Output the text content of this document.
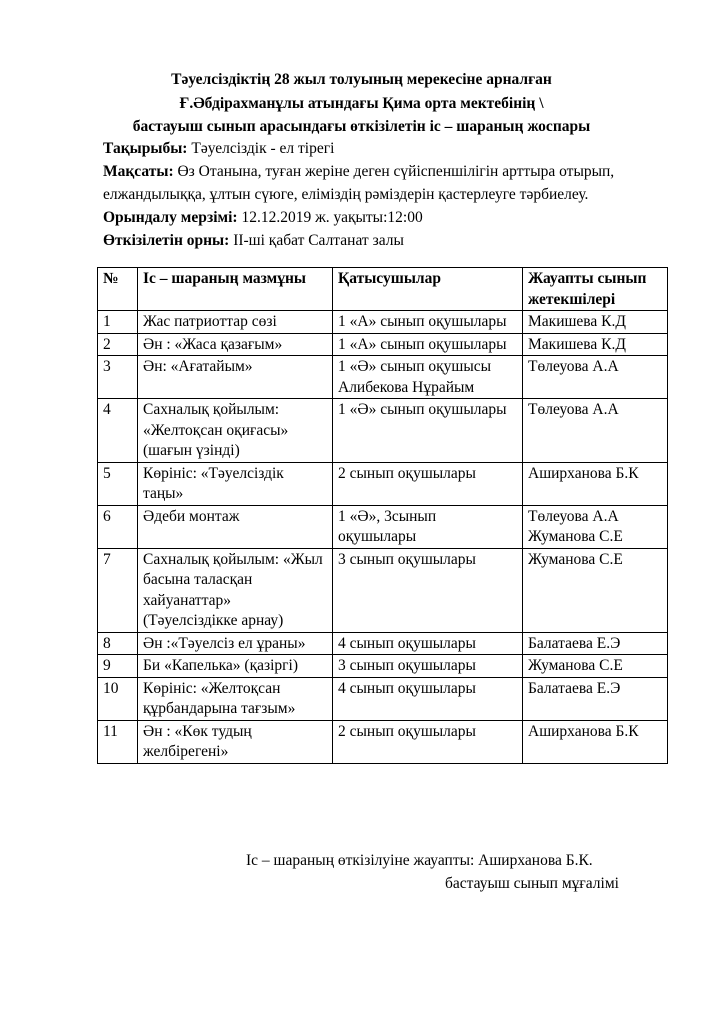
Тәуелсіздіктің 28 жыл толуының мерекесіне арналған
Ғ.Әбдірахманұлы атындағы Қима орта мектебінің \
бастауыш сынып арасындағы өткізілетін іс – шараның жоспары
Тақырыбы: Тәуелсіздік - ел тірегі
Мақсаты: Өз Отанына, туған жеріне деген сүйіспеншілігін арттыра отырып,
елжандылыққа, ұлтын сүюге, еліміздің рәміздерін қастерлеуге тәрбиелеу.
Орындалу мерзімі: 12.12.2019 ж. уақыты:12:00
Өткізілетін орны: ІІ-ші қабат Салтанат залы
№	Іс – шараның мазмұны	Қатысушылар	Жауапты сынып жетекшілері
1	Жас патриоттар сөзі	1 «А» сынып оқушылары	Макишева К.Д
2	Ән : «Жаса қазағым»	1 «А» сынып оқушылары	Макишева К.Д
3	Ән: «Ағатайым»	1 «Ә» сынып оқушысы Алибекова Нұрайым	Төлеуова А.А
4	Сахналық қойылым: «Желтоқсан оқиғасы» (шағын үзінді)	1 «Ә» сынып оқушылары	Төлеуова А.А
5	Көрініс: «Тәуелсіздік таңы»	2 сынып оқушылары	Аширханова Б.К
6	Әдеби монтаж	1 «Ә», 3сынып оқушылары	Төлеуова А.А Жуманова С.Е
7	Сахналық қойылым: «Жыл басына таласқан хайуанаттар» (Тәуелсіздікке арнау)	3 сынып оқушылары	Жуманова С.Е
8	Ән :«Тәуелсіз ел ұраны»	4 сынып оқушылары	Балатаева Е.Э
9	Би «Капелька» (қазіргі)	3 сынып оқушылары	Жуманова С.Е
10	Көрініс: «Желтоқсан құрбандарына тағзым»	4 сынып оқушылары	Балатаева Е.Э
11	Ән : «Көк тудың желбірегені»	2 сынып оқушылары	Аширханова Б.К
Іс – шараның өткізілуіне жауапты: Аширханова Б.К.
бастауыш сынып мұғалімі
